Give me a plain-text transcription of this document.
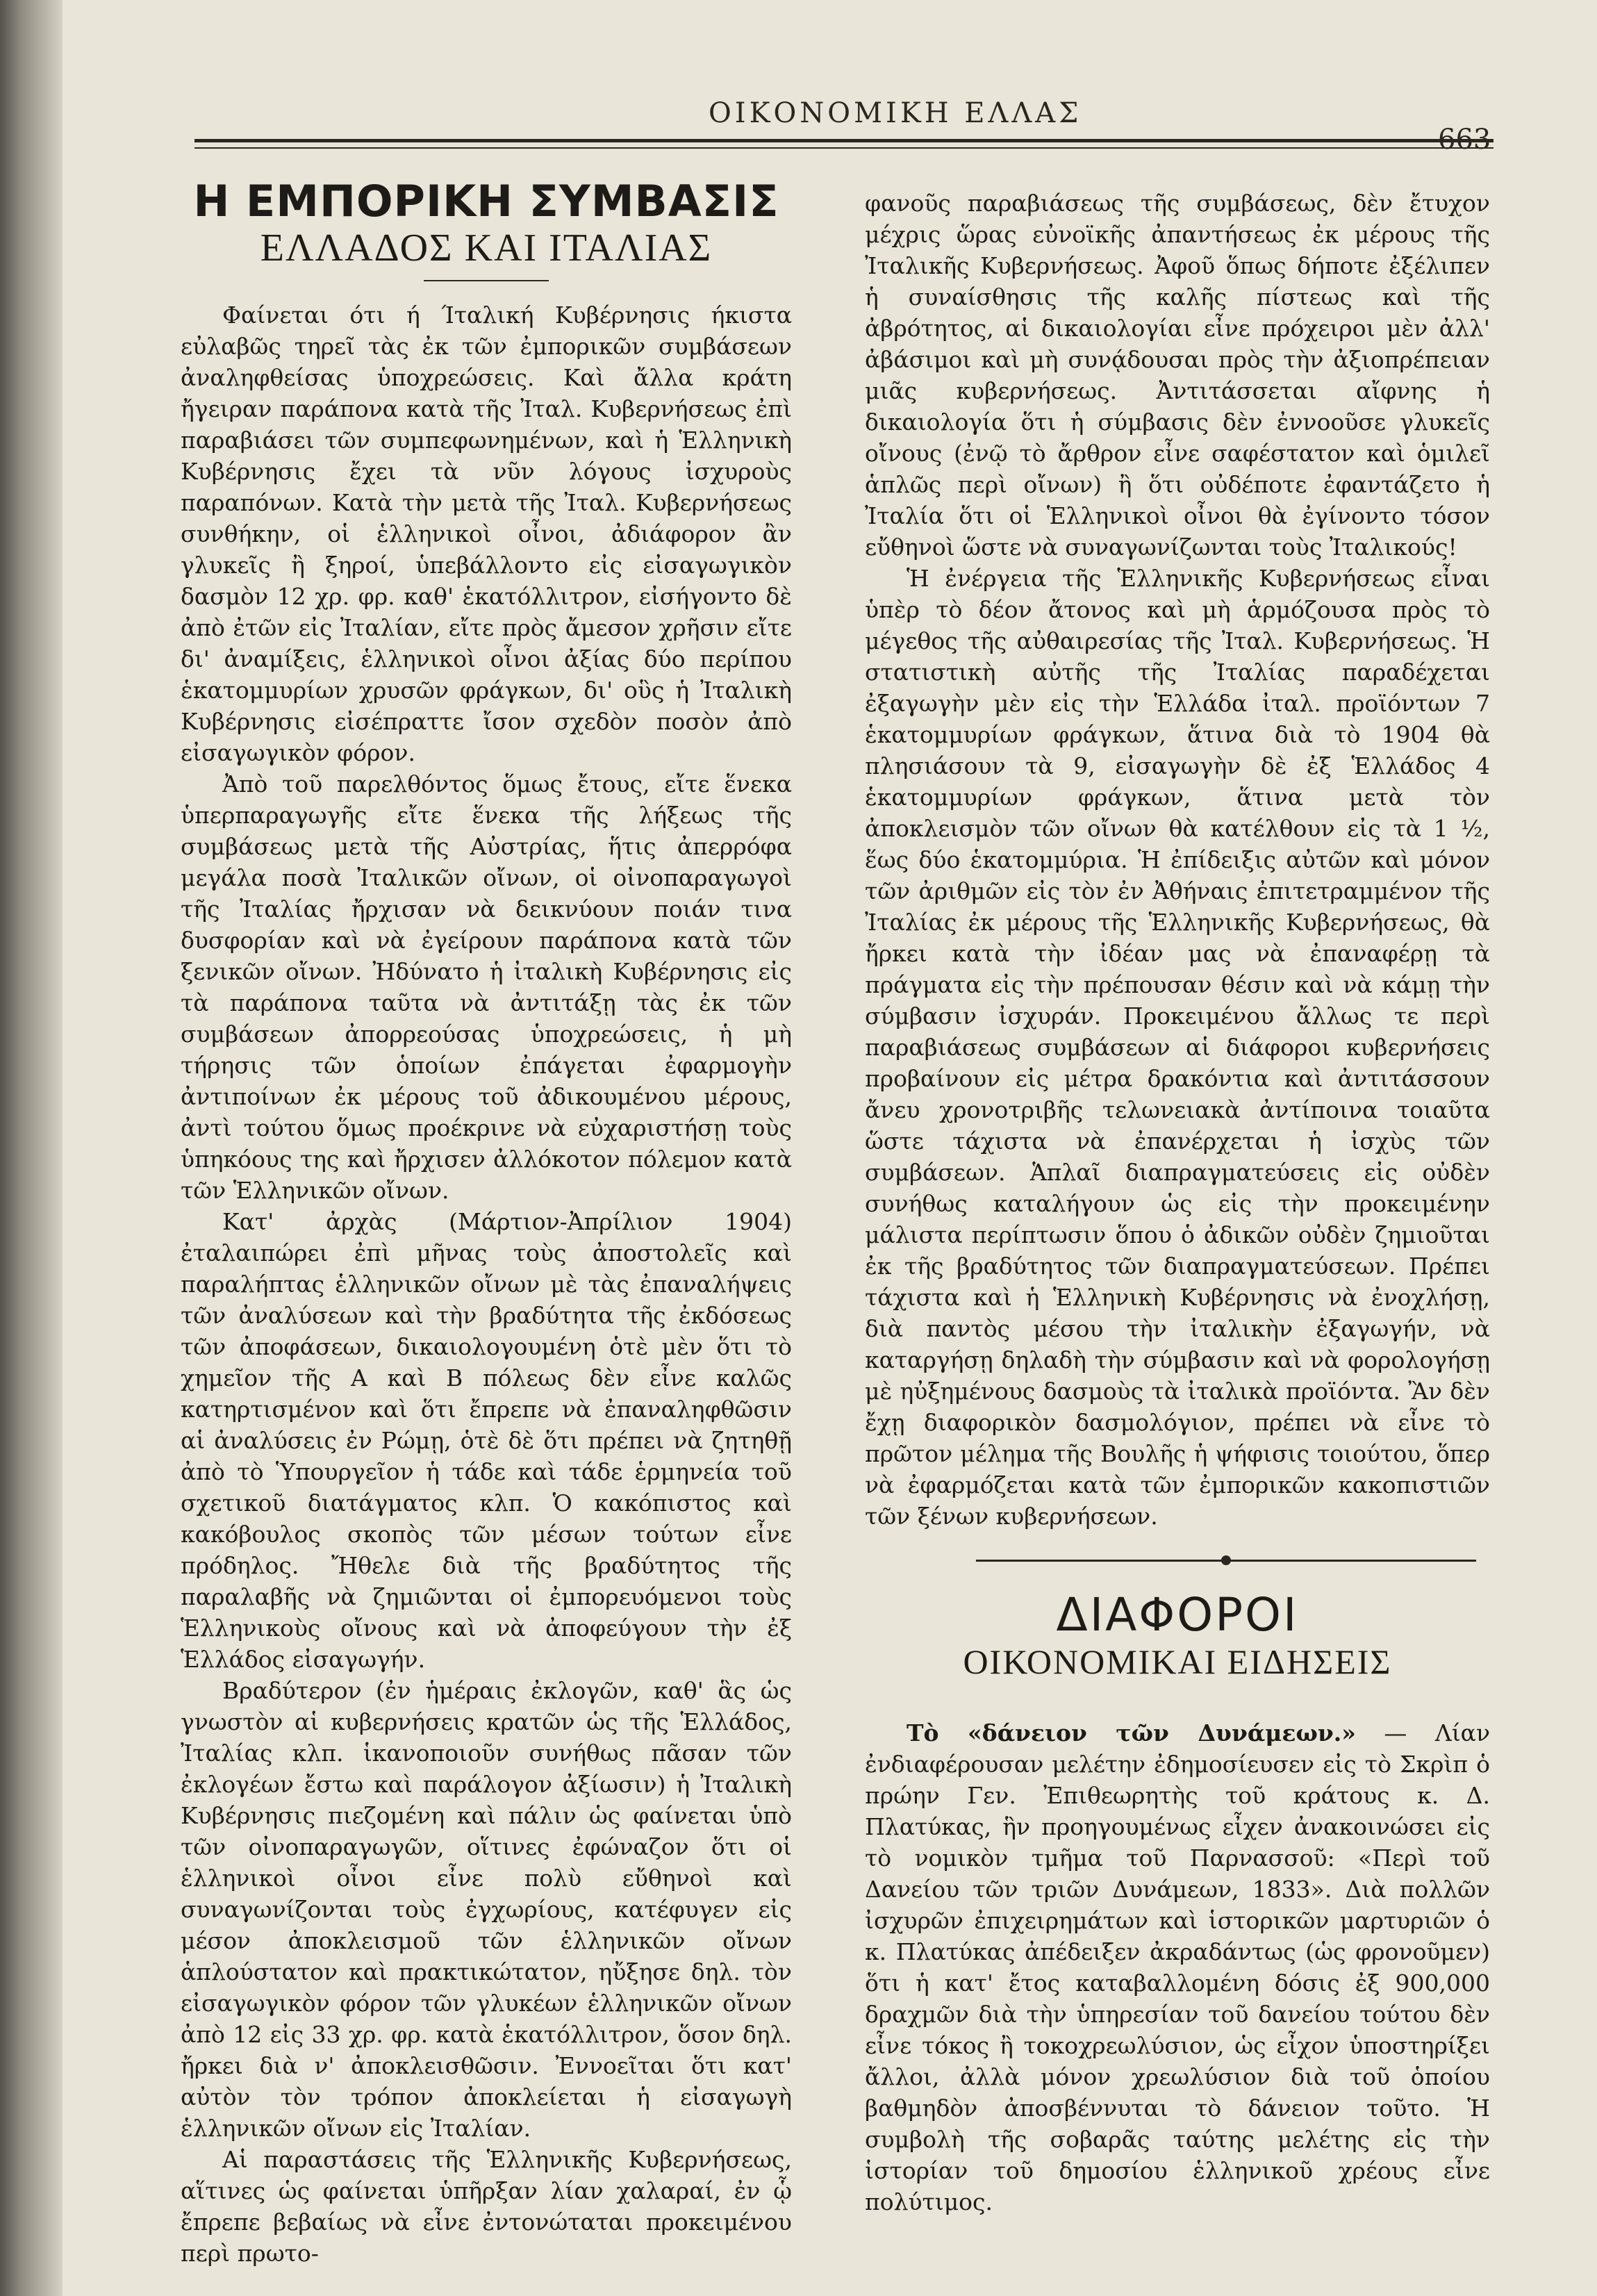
ΟΙΚΟΝΟΜΙΚΗ ΕΛΛΑΣ
663
Η ΕΜΠΟΡΙΚΗ ΣΥΜΒΑΣΙΣ
ΕΛΛΑΔΟΣ ΚΑΙ ΙΤΑΛΙΑΣ

Φαίνεται ότι ή Ίταλική Κυβέρνησις ήκιστα εὐλαβῶς τηρεῖ τὰς ἐκ τῶν ἐμπορικῶν συμβάσεων ἀναληφθείσας ὑποχρεώσεις. Καὶ ἄλλα κράτη ἤγειραν παράπονα κατὰ τῆς Ἰταλ. Κυβερνήσεως ἐπὶ παραβιάσει τῶν συμπεφωνημένων, καὶ ἡ Ἑλληνικὴ Κυβέρνησις ἔχει τὰ νῦν λόγους ἰσχυροὺς παραπόνων. Κατὰ τὴν μετὰ τῆς Ἰταλ. Κυβερνήσεως συνθήκην, οἱ ἑλληνικοὶ οἶνοι, ἀδιάφορον ἂν γλυκεῖς ἢ ξηροί, ὑπεβάλλοντο εἰς εἰσαγωγικὸν δασμὸν 12 χρ. φρ. καθ' ἑκατόλλιτρον, εἰσήγοντο δὲ ἀπὸ ἐτῶν εἰς Ἰταλίαν, εἴτε πρὸς ἄμεσον χρῆσιν εἴτε δι' ἀναμίξεις, ἑλληνικοὶ οἶνοι ἀξίας δύο περίπου ἑκατομμυρίων χρυσῶν φράγκων, δι' οὓς ἡ Ἰταλικὴ Κυβέρνησις εἰσέπραττε ἴσον σχεδὸν ποσὸν ἀπὸ εἰσαγωγικὸν φόρον.

Ἀπὸ τοῦ παρελθόντος ὅμως ἔτους, εἴτε ἕνεκα ὑπερπαραγωγῆς εἴτε ἕνεκα τῆς λήξεως τῆς συμβάσεως μετὰ τῆς Αὐστρίας, ἥτις ἀπερρόφα μεγάλα ποσὰ Ἰταλικῶν οἴνων, οἱ οἰνοπαραγωγοὶ τῆς Ἰταλίας ἤρχισαν νὰ δεικνύουν ποιάν τινα δυσφορίαν καὶ νὰ ἐγείρουν παράπονα κατὰ τῶν ξενικῶν οἴνων. Ἠδύνατο ἡ ἰταλικὴ Κυβέρνησις εἰς τὰ παράπονα ταῦτα νὰ ἀντιτάξῃ τὰς ἐκ τῶν συμβάσεων ἀπορρεούσας ὑποχρεώσεις, ἡ μὴ τήρησις τῶν ὁποίων ἐπάγεται ἐφαρμογὴν ἀντιποίνων ἐκ μέρους τοῦ ἀδικουμένου μέρους, ἀντὶ τούτου ὅμως προέκρινε νὰ εὐχαριστήσῃ τοὺς ὑπηκόους της καὶ ἤρχισεν ἀλλόκοτον πόλεμον κατὰ τῶν Ἑλληνικῶν οἴνων.

Κατ' ἀρχὰς (Μάρτιον-Ἀπρίλιον 1904) ἐταλαιπώρει ἐπὶ μῆνας τοὺς ἀποστολεῖς καὶ παραλήπτας ἑλληνικῶν οἴνων μὲ τὰς ἐπαναλήψεις τῶν ἀναλύσεων καὶ τὴν βραδύτητα τῆς ἐκδόσεως τῶν ἀποφάσεων, δικαιολογουμένη ὁτὲ μὲν ὅτι τὸ χημεῖον τῆς Α καὶ Β πόλεως δὲν εἶνε καλῶς κατηρτισμένον καὶ ὅτι ἔπρεπε νὰ ἐπαναληφθῶσιν αἱ ἀναλύσεις ἐν Ρώμῃ, ὁτὲ δὲ ὅτι πρέπει νὰ ζητηθῇ ἀπὸ τὸ Ὑπουργεῖον ἡ τάδε καὶ τάδε ἑρμηνεία τοῦ σχετικοῦ διατάγματος κλπ. Ὁ κακόπιστος καὶ κακόβουλος σκοπὸς τῶν μέσων τούτων εἶνε πρόδηλος. Ἤθελε διὰ τῆς βραδύτητος τῆς παραλαβῆς νὰ ζημιῶνται οἱ ἐμπορευόμενοι τοὺς Ἑλληνικοὺς οἴνους καὶ νὰ ἀποφεύγουν τὴν ἐξ Ἑλλάδος εἰσαγωγήν.

Βραδύτερον (ἐν ἡμέραις ἐκλογῶν, καθ' ἃς ὡς γνωστὸν αἱ κυβερνήσεις κρατῶν ὡς τῆς Ἑλλάδος, Ἰταλίας κλπ. ἱκανοποιοῦν συνήθως πᾶσαν τῶν ἐκλογέων ἔστω καὶ παράλογον ἀξίωσιν) ἡ Ἰταλικὴ Κυβέρνησις πιεζομένη καὶ πάλιν ὡς φαίνεται ὑπὸ τῶν οἰνοπαραγωγῶν, οἵτινες ἐφώναζον ὅτι οἱ ἑλληνικοὶ οἶνοι εἶνε πολὺ εὔθηνοὶ καὶ συναγωνίζονται τοὺς ἐγχωρίους, κατέφυγεν εἰς μέσον ἀποκλεισμοῦ τῶν ἑλληνικῶν οἴνων ἁπλούστατον καὶ πρακτικώτατον, ηὔξησε δηλ. τὸν εἰσαγωγικὸν φόρον τῶν γλυκέων ἑλληνικῶν οἴνων ἀπὸ 12 εἰς 33 χρ. φρ. κατὰ ἑκατόλλιτρον, ὅσον δηλ. ἤρκει διὰ ν' ἀποκλεισθῶσιν. Ἐννοεῖται ὅτι κατ' αὐτὸν τὸν τρόπον ἀποκλείεται ἡ εἰσαγωγὴ ἑλληνικῶν οἴνων εἰς Ἰταλίαν.

Αἱ παραστάσεις τῆς Ἑλληνικῆς Κυβερνήσεως, αἵτινες ὡς φαίνεται ὑπῆρξαν λίαν χαλαραί, ἐν ᾧ ἔπρεπε βεβαίως νὰ εἶνε ἐντονώταται προκειμένου περὶ πρωτο-

φανοῦς παραβιάσεως τῆς συμβάσεως, δὲν ἔτυχον μέχρις ὥρας εὐνοϊκῆς ἀπαντήσεως ἐκ μέρους τῆς Ἰταλικῆς Κυβερνήσεως. Ἀφοῦ ὅπως δήποτε ἐξέλιπεν ἡ συναίσθησις τῆς καλῆς πίστεως καὶ τῆς ἀβρότητος, αἱ δικαιολογίαι εἶνε πρόχειροι μὲν ἀλλ' ἀβάσιμοι καὶ μὴ συνᾴδουσαι πρὸς τὴν ἀξιοπρέπειαν μιᾶς κυβερνήσεως. Ἀντιτάσσεται αἴφνης ἡ δικαιολογία ὅτι ἡ σύμβασις δὲν ἐννοοῦσε γλυκεῖς οἴνους (ἐνῷ τὸ ἄρθρον εἶνε σαφέστατον καὶ ὁμιλεῖ ἁπλῶς περὶ οἴνων) ἢ ὅτι οὐδέποτε ἐφαντάζετο ἡ Ἰταλία ὅτι οἱ Ἑλληνικοὶ οἶνοι θὰ ἐγίνοντο τόσον εὔθηνοὶ ὥστε νὰ συναγωνίζωνται τοὺς Ἰταλικούς!

Ἡ ἐνέργεια τῆς Ἑλληνικῆς Κυβερνήσεως εἶναι ὑπὲρ τὸ δέον ἄτονος καὶ μὴ ἁρμόζουσα πρὸς τὸ μέγεθος τῆς αὐθαιρεσίας τῆς Ἰταλ. Κυβερνήσεως. Ἡ στατιστικὴ αὐτῆς τῆς Ἰταλίας παραδέχεται ἐξαγωγὴν μὲν εἰς τὴν Ἑλλάδα ἰταλ. προϊόντων 7 ἑκατομμυρίων φράγκων, ἅτινα διὰ τὸ 1904 θὰ πλησιάσουν τὰ 9, εἰσαγωγὴν δὲ ἐξ Ἑλλάδος 4 ἑκατομμυρίων φράγκων, ἅτινα μετὰ τὸν ἀποκλεισμὸν τῶν οἴνων θὰ κατέλθουν εἰς τὰ 1 ½, ἕως δύο ἑκατομμύρια. Ἡ ἐπίδειξις αὐτῶν καὶ μόνον τῶν ἀριθμῶν εἰς τὸν ἐν Ἀθήναις ἐπιτετραμμένον τῆς Ἰταλίας ἐκ μέρους τῆς Ἑλληνικῆς Κυβερνήσεως, θὰ ἤρκει κατὰ τὴν ἰδέαν μας νὰ ἐπαναφέρῃ τὰ πράγματα εἰς τὴν πρέπουσαν θέσιν καὶ νὰ κάμῃ τὴν σύμβασιν ἰσχυράν. Προκειμένου ἄλλως τε περὶ παραβιάσεως συμβάσεων αἱ διάφοροι κυβερνήσεις προβαίνουν εἰς μέτρα δρακόντια καὶ ἀντιτάσσουν ἄνευ χρονοτριβῆς τελωνειακὰ ἀντίποινα τοιαῦτα ὥστε τάχιστα νὰ ἐπανέρχεται ἡ ἰσχὺς τῶν συμβάσεων. Ἁπλαῖ διαπραγματεύσεις εἰς οὐδὲν συνήθως καταλήγουν ὡς εἰς τὴν προκειμένην μάλιστα περίπτωσιν ὅπου ὁ ἀδικῶν οὐδὲν ζημιοῦται ἐκ τῆς βραδύτητος τῶν διαπραγματεύσεων. Πρέπει τάχιστα καὶ ἡ Ἑλληνικὴ Κυβέρνησις νὰ ἐνοχλήσῃ, διὰ παντὸς μέσου τὴν ἰταλικὴν ἐξαγωγήν, νὰ καταργήσῃ δηλαδὴ τὴν σύμβασιν καὶ νὰ φορολογήσῃ μὲ ηὐξημένους δασμοὺς τὰ ἰταλικὰ προϊόντα. Ἂν δὲν ἔχῃ διαφορικὸν δασμολόγιον, πρέπει νὰ εἶνε τὸ πρῶτον μέλημα τῆς Βουλῆς ἡ ψήφισις τοιούτου, ὅπερ νὰ ἐφαρμόζεται κατὰ τῶν ἐμπορικῶν κακοπιστιῶν τῶν ξένων κυβερνήσεων.

ΔΙΑΦΟΡΟΙ
ΟΙΚΟΝΟΜΙΚΑΙ ΕΙΔΗΣΕΙΣ

Τὸ «δάνειον τῶν Δυνάμεων.» — Λίαν ἐνδιαφέρουσαν μελέτην ἐδημοσίευσεν εἰς τὸ Σκρὶπ ὁ πρώην Γεν. Ἐπιθεωρητὴς τοῦ κράτους κ. Δ. Πλατύκας, ἣν προηγουμένως εἶχεν ἀνακοινώσει εἰς τὸ νομικὸν τμῆμα τοῦ Παρνασσοῦ: «Περὶ τοῦ Δανείου τῶν τριῶν Δυνάμεων, 1833». Διὰ πολλῶν ἰσχυρῶν ἐπιχειρημάτων καὶ ἱστορικῶν μαρτυριῶν ὁ κ. Πλατύκας ἀπέδειξεν ἀκραδάντως (ὡς φρονοῦμεν) ὅτι ἡ κατ' ἔτος καταβαλλομένη δόσις ἐξ 900,000 δραχμῶν διὰ τὴν ὑπηρεσίαν τοῦ δανείου τούτου δὲν εἶνε τόκος ἢ τοκοχρεωλύσιον, ὡς εἶχον ὑποστηρίξει ἄλλοι, ἀλλὰ μόνον χρεωλύσιον διὰ τοῦ ὁποίου βαθμηδὸν ἀποσβέννυται τὸ δάνειον τοῦτο. Ἡ συμβολὴ τῆς σοβαρᾶς ταύτης μελέτης εἰς τὴν ἱστορίαν τοῦ δημοσίου ἑλληνικοῦ χρέους εἶνε πολύτιμος.
